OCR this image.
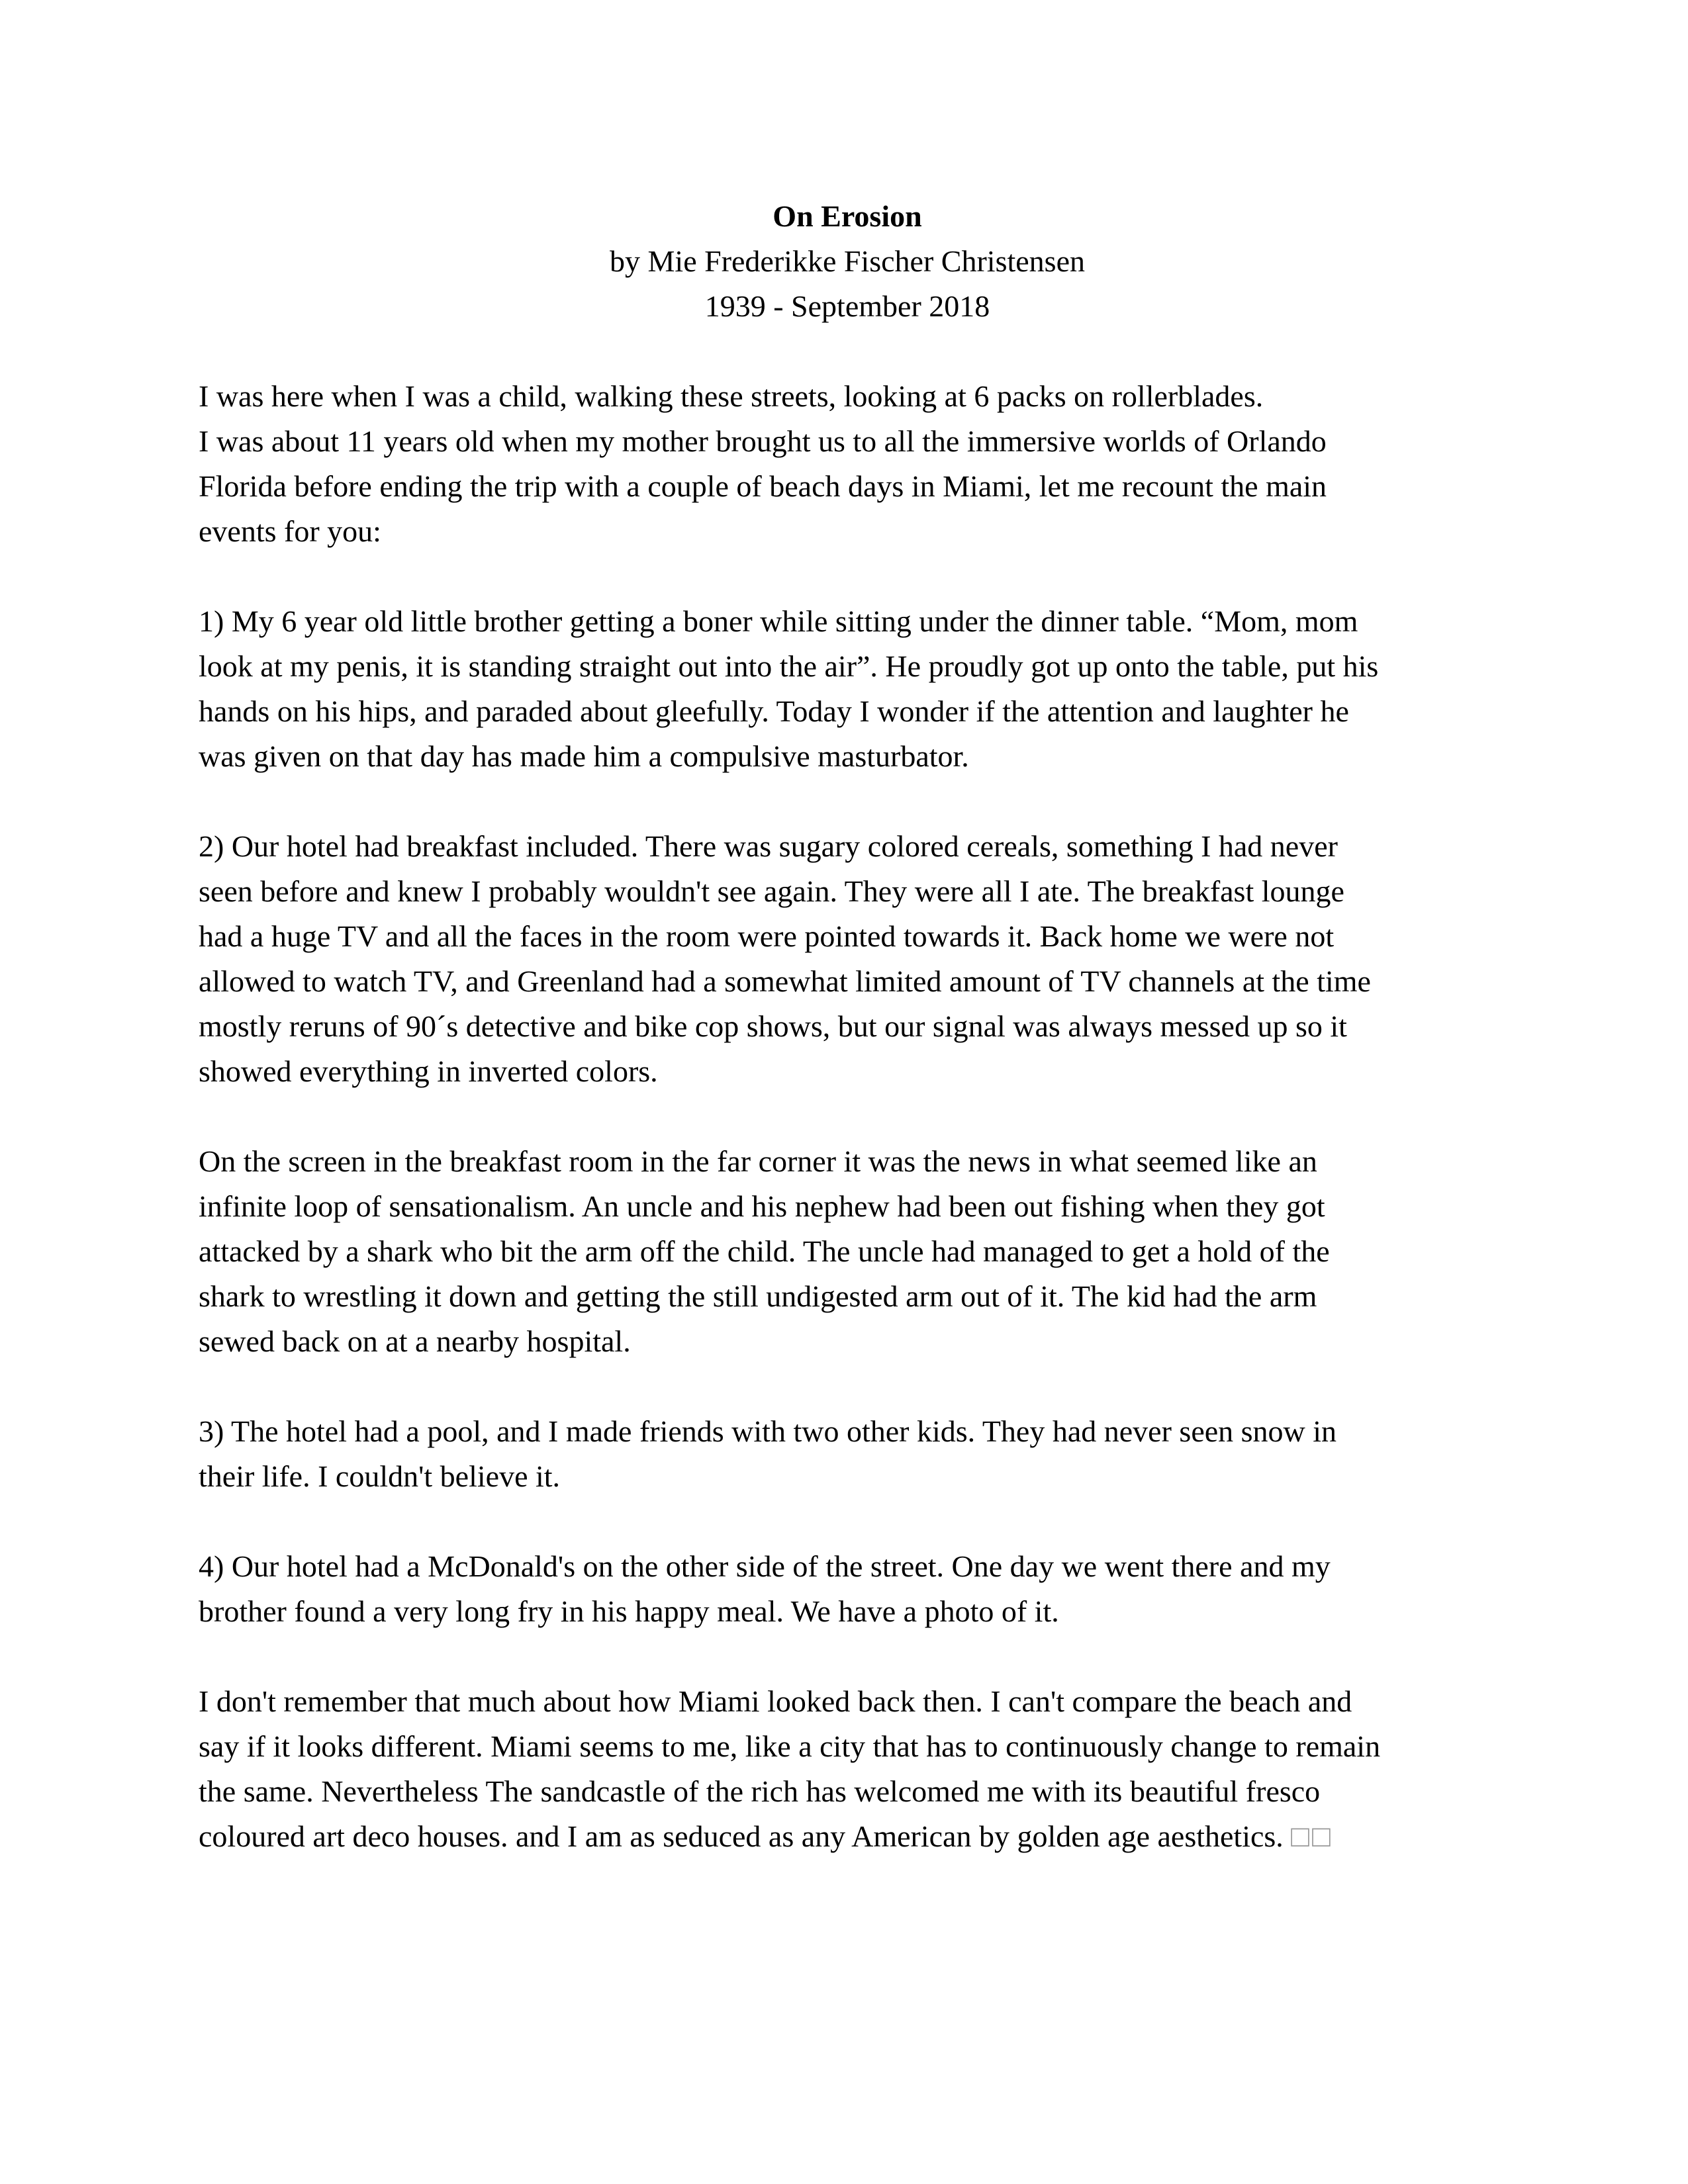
On Erosion
by Mie Frederikke Fischer Christensen
1939 - September 2018
I was here when I was a child, walking these streets, looking at 6 packs on rollerblades.
I was about 11 years old when my mother brought us to all the immersive worlds of Orlando
Florida before ending the trip with a couple of beach days in Miami, let me recount the main
events for you:
1) My 6 year old little brother getting a boner while sitting under the dinner table. “Mom, mom
look at my penis, it is standing straight out into the air”. He proudly got up onto the table, put his
hands on his hips, and paraded about gleefully. Today I wonder if the attention and laughter he
was given on that day has made him a compulsive masturbator.
2) Our hotel had breakfast included. There was sugary colored cereals, something I had never
seen before and knew I probably wouldn't see again. They were all I ate. The breakfast lounge
had a huge TV and all the faces in the room were pointed towards it. Back home we were not
allowed to watch TV, and Greenland had a somewhat limited amount of TV channels at the time
mostly reruns of 90´s detective and bike cop shows, but our signal was always messed up so it
showed everything in inverted colors.
On the screen in the breakfast room in the far corner it was the news in what seemed like an
infinite loop of sensationalism. An uncle and his nephew had been out fishing when they got
attacked by a shark who bit the arm off the child. The uncle had managed to get a hold of the
shark to wrestling it down and getting the still undigested arm out of it. The kid had the arm
sewed back on at a nearby hospital.
3) The hotel had a pool, and I made friends with two other kids. They had never seen snow in
their life. I couldn't believe it.
4) Our hotel had a McDonald's on the other side of the street. One day we went there and my
brother found a very long fry in his happy meal. We have a photo of it.
I don't remember that much about how Miami looked back then. I can't compare the beach and
say if it looks different. Miami seems to me, like a city that has to continuously change to remain
the same. Nevertheless The sandcastle of the rich has welcomed me with its beautiful fresco
coloured art deco houses. and I am as seduced as any American by golden age aesthetics. □□
